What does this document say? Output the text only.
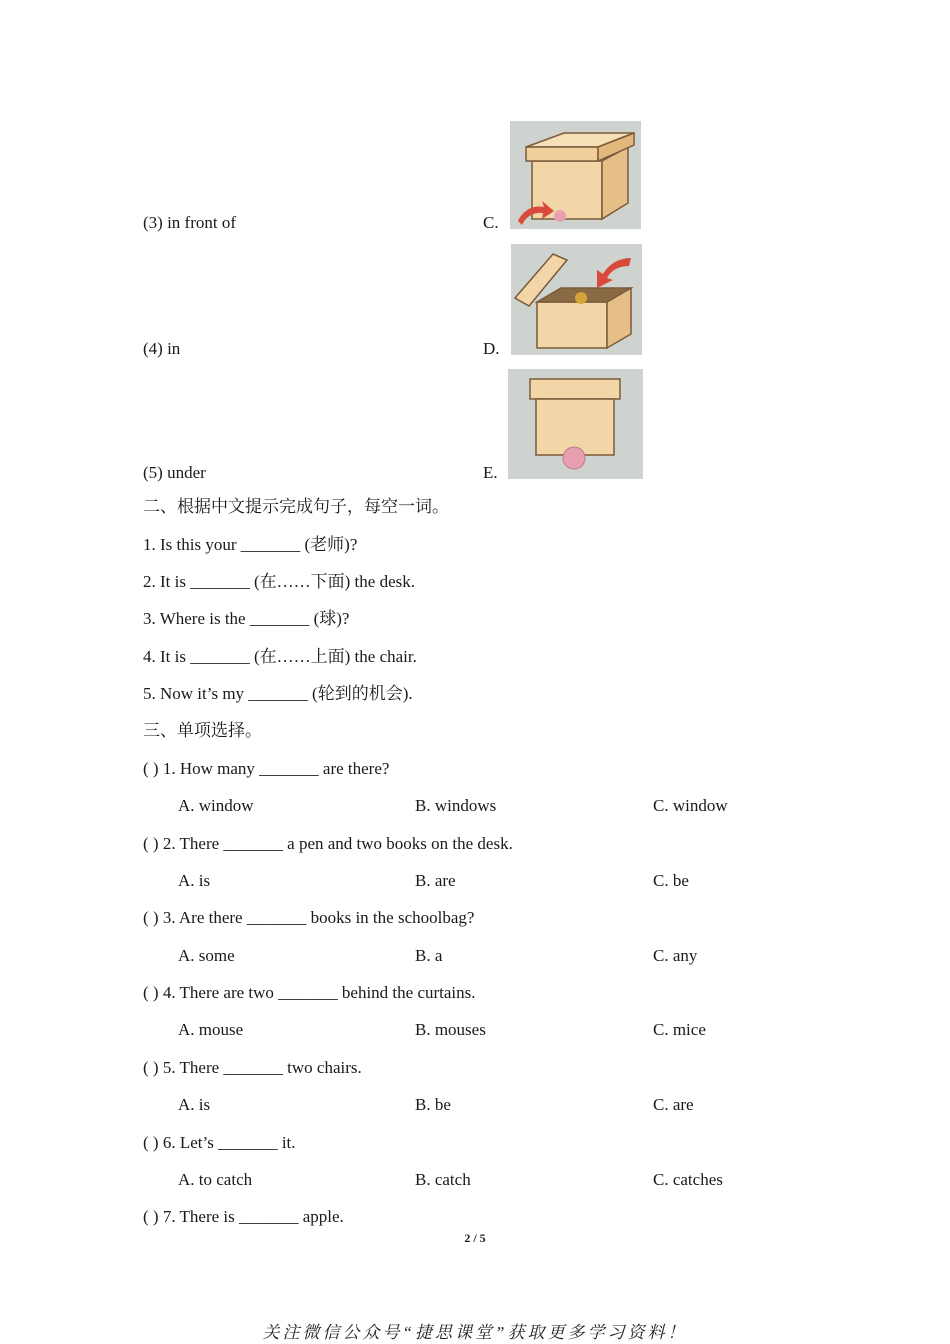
(3) in front of	C.
(4) in	D.
(5) under	E.
二、根据中文提示完成句子，每空一词。
1. Is this your _______ (老师)?
2. It is _______ (在……下面) the desk.
3. Where is the _______ (球)?
4. It is _______ (在……上面) the chair.
5. Now it’s my _______ (轮到的机会).
三、单项选择。
( ) 1. How many _______ are there?
A. window	B. windows	C. window
( ) 2. There _______ a pen and two books on the desk.
A. is	B. are	C. be
( ) 3. Are there _______ books in the schoolbag?
A. some	B. a	C. any
( ) 4. There are two _______ behind the curtains.
A. mouse	B. mouses	C. mice
( ) 5. There _______ two chairs.
A. is	B. be	C. are
( ) 6. Let’s _______ it.
A. to catch	B. catch	C. catches
( ) 7. There is _______ apple.
2 / 5
关注微信公众号“捷思课堂”获取更多学习资料！
